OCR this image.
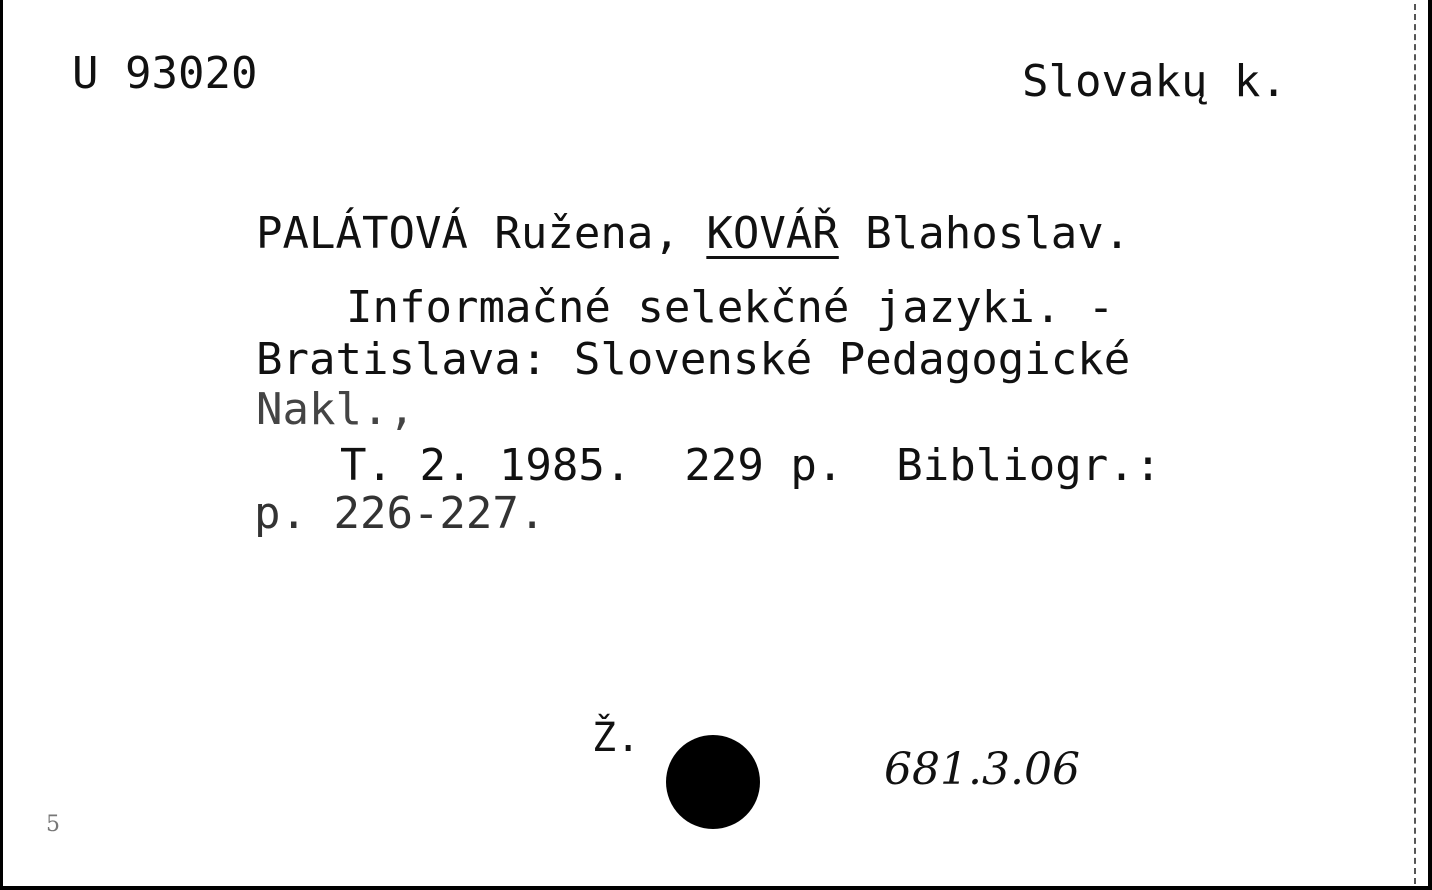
U 93020	Slovakų k.
PALÁTOVÁ Ružena, KOVÁŘ Blahoslav.
Informačné selekčné jazyki. -
Bratislava: Slovenské Pedagogické
Nakl.,
T. 2. 1985.  229 p.  Bibliogr.:
p. 226-227.
Ž.
681.3.06
5
